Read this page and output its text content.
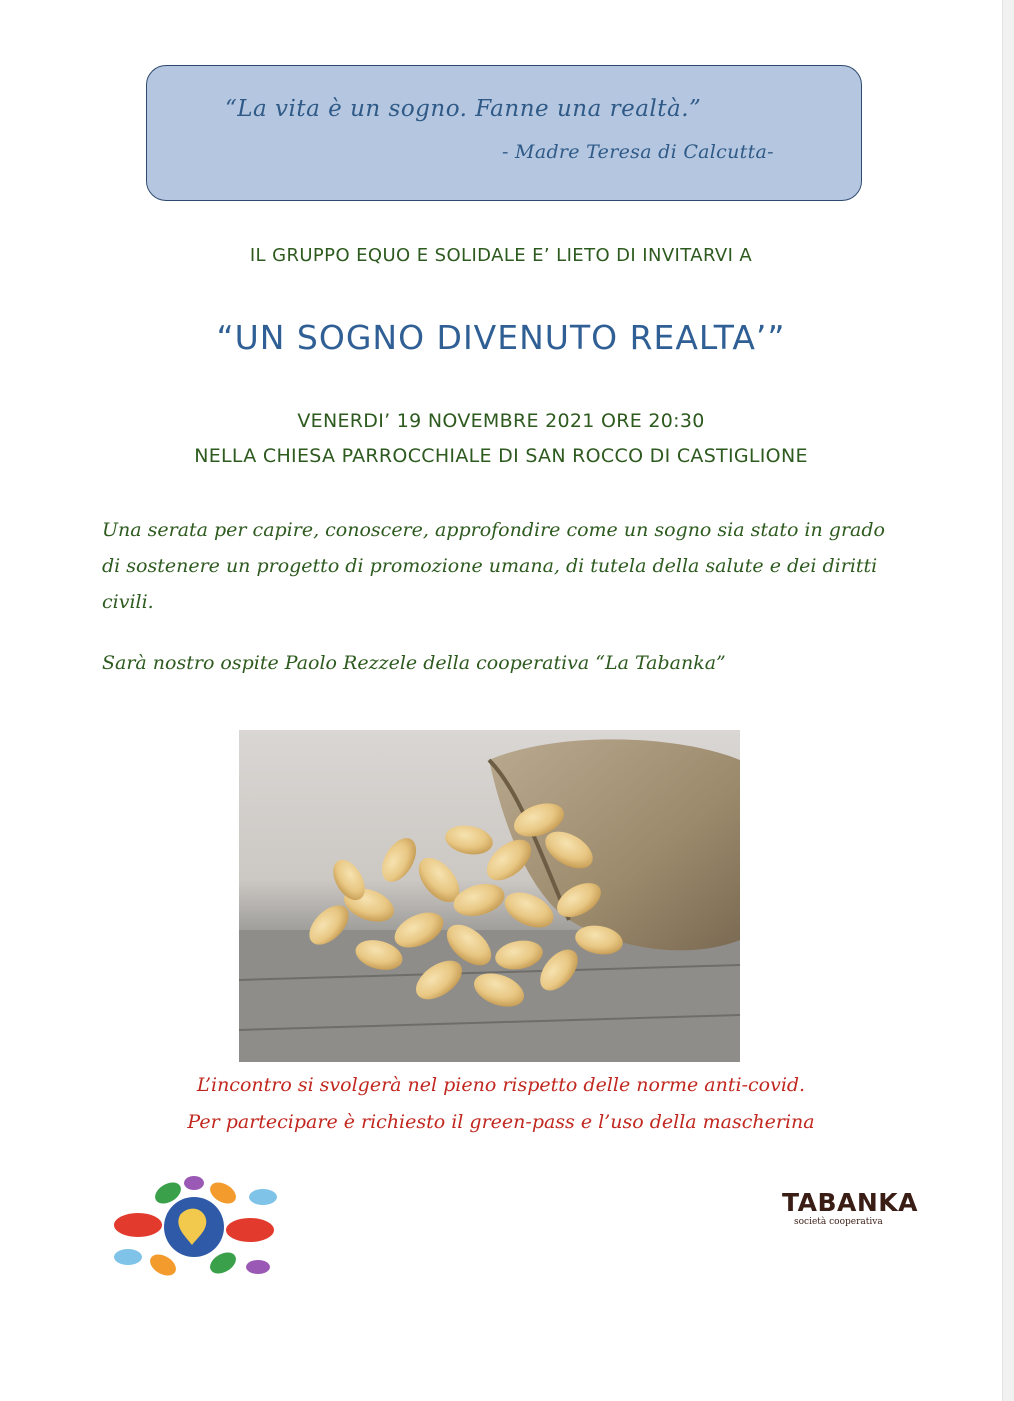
“La vita è un sogno. Fanne una realtà.”
- Madre Teresa di Calcutta-
IL GRUPPO EQUO E SOLIDALE E’ LIETO DI INVITARVI A
“UN SOGNO DIVENUTO REALTA’”
VENERDI’ 19 NOVEMBRE 2021 ORE 20:30
NELLA CHIESA PARROCCHIALE DI SAN ROCCO DI CASTIGLIONE
Una serata per capire, conoscere, approfondire come un sogno sia stato in grado di sostenere un progetto di promozione umana, di tutela della salute e dei diritti civili.
Sarà nostro ospite Paolo Rezzele della cooperativa “La Tabanka”
L’incontro si svolgerà nel pieno rispetto delle norme anti-covid.
Per partecipare è richiesto il green-pass e l’uso della mascherina
TABANKA
società cooperativa
